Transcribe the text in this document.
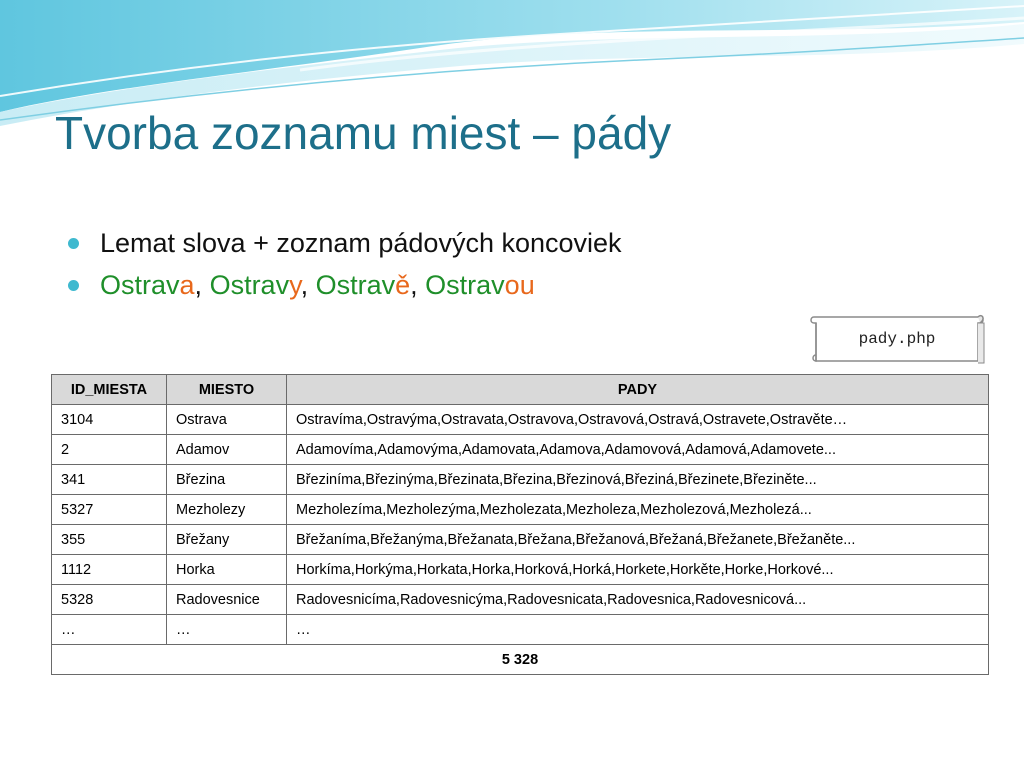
Tvorba zoznamu miest – pády
Lemat slova + zoznam pádových koncoviek
Ostrava, Ostravy, Ostravě, Ostravou
pady.php
ID_MIESTA	MIESTO	PADY
3104	Ostrava	Ostravíma,Ostravýma,Ostravata,Ostravova,Ostravová,Ostravá,Ostravete,Ostravěte…
2	Adamov	Adamovíma,Adamovýma,Adamovata,Adamova,Adamovová,Adamová,Adamovete...
341	Březina	Březiníma,Březinýma,Březinata,Březina,Březinová,Březiná,Březinete,Březiněte...
5327	Mezholezy	Mezholezíma,Mezholezýma,Mezholezata,Mezholeza,Mezholezová,Mezholezá...
355	Břežany	Břežaníma,Břežanýma,Břežanata,Břežana,Břežanová,Břežaná,Břežanete,Břežaněte...
1112	Horka	Horkíma,Horkýma,Horkata,Horka,Horková,Horká,Horkete,Horkěte,Horke,Horkové...
5328	Radovesnice	Radovesnicíma,Radovesnicýma,Radovesnicata,Radovesnica,Radovesnicová...
…	…	…
5 328		
